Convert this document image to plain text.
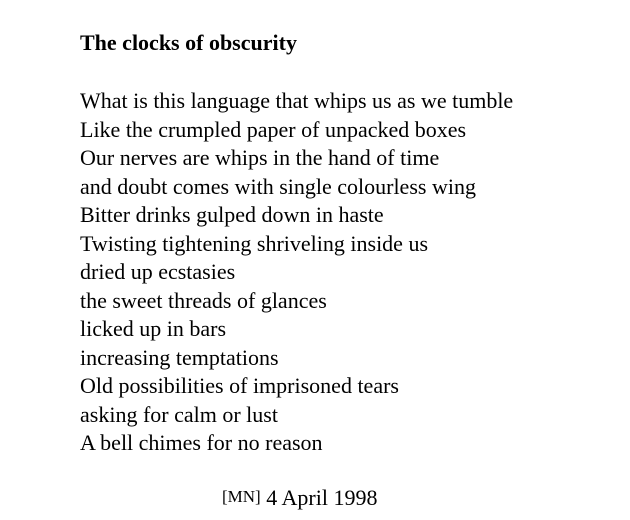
The clocks of obscurity
What is this language that whips us as we tumble
Like the crumpled paper of unpacked boxes
Our nerves are whips in the hand of time
and doubt comes with single colourless wing
Bitter drinks gulped down in haste
Twisting tightening shriveling inside us
dried up ecstasies
the sweet threads of glances
licked up in bars
increasing temptations
Old possibilities of imprisoned tears
asking for calm or lust
A bell chimes for no reason
[MN] 4 April 1998
